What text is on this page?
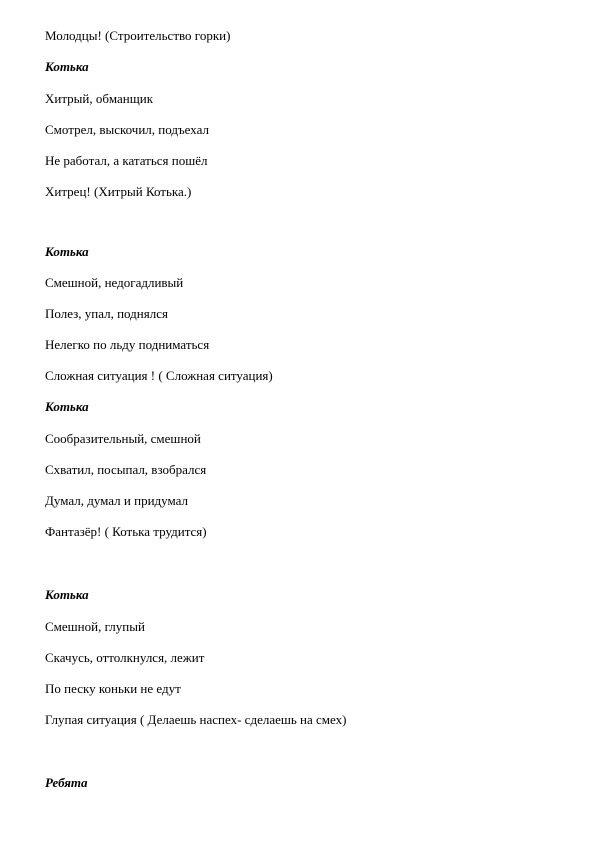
Молодцы! (Строительство горки)
Котька
Хитрый, обманщик
Смотрел, выскочил, подъехал
Не работал, а кататься пошёл
Хитрец! (Хитрый Котька.)
Котька
Смешной, недогадливый
Полез, упал, поднялся
Нелегко по льду подниматься
Сложная ситуация ! ( Сложная ситуация)
Котька
Сообразительный, смешной
Схватил, посыпал, взобрался
Думал, думал и придумал
Фантазёр! ( Котька трудится)
Котька
Смешной, глупый
Скачусь, оттолкнулся, лежит
По песку коньки не едут
Глупая ситуация ( Делаешь наспех- сделаешь на смех)
Ребята
